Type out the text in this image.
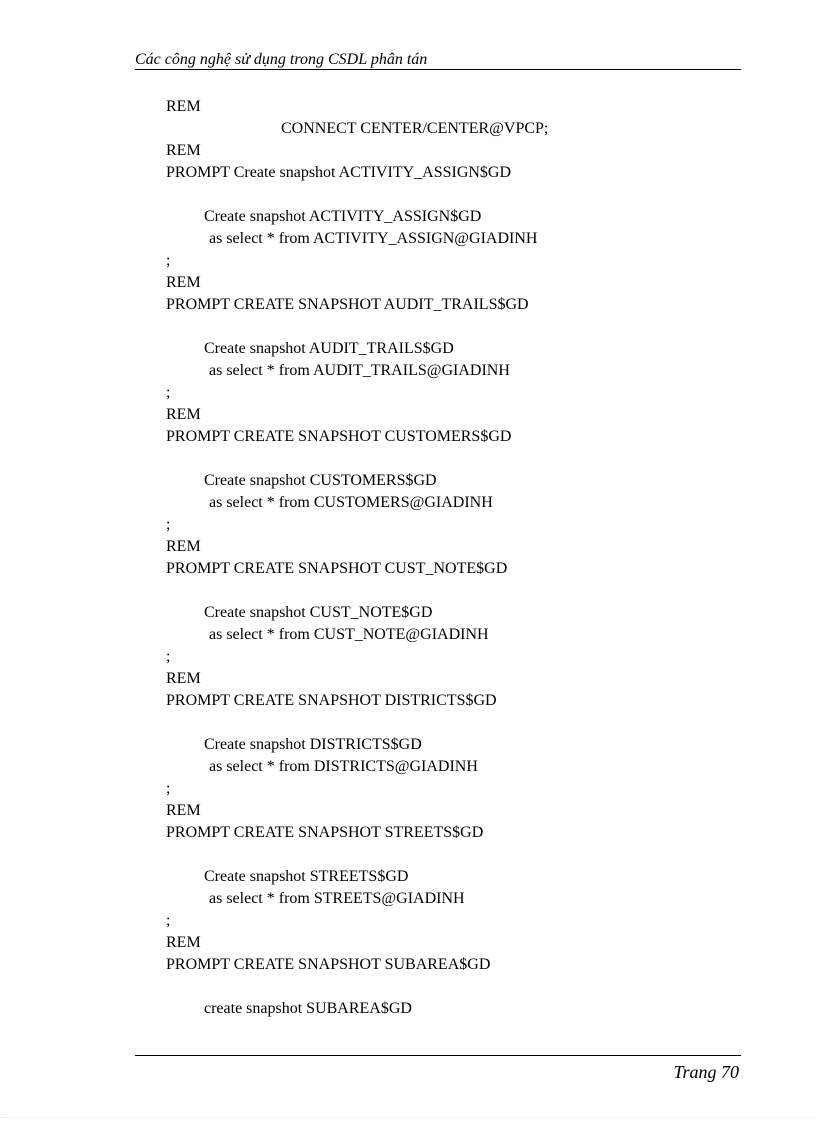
Các công nghệ sử dụng trong CSDL phân tán
REM
CONNECT CENTER/CENTER@VPCP;
REM
PROMPT Create snapshot ACTIVITY_ASSIGN$GD
Create snapshot ACTIVITY_ASSIGN$GD
as select * from ACTIVITY_ASSIGN@GIADINH
;
REM
PROMPT CREATE SNAPSHOT AUDIT_TRAILS$GD
Create snapshot AUDIT_TRAILS$GD
as select * from AUDIT_TRAILS@GIADINH
;
REM
PROMPT CREATE SNAPSHOT CUSTOMERS$GD
Create snapshot CUSTOMERS$GD
as select * from CUSTOMERS@GIADINH
;
REM
PROMPT CREATE SNAPSHOT CUST_NOTE$GD
Create snapshot CUST_NOTE$GD
as select * from CUST_NOTE@GIADINH
;
REM
PROMPT CREATE SNAPSHOT DISTRICTS$GD
Create snapshot DISTRICTS$GD
as select * from DISTRICTS@GIADINH
;
REM
PROMPT CREATE SNAPSHOT STREETS$GD
Create snapshot STREETS$GD
as select * from STREETS@GIADINH
;
REM
PROMPT CREATE SNAPSHOT SUBAREA$GD
create snapshot SUBAREA$GD
Trang 70
